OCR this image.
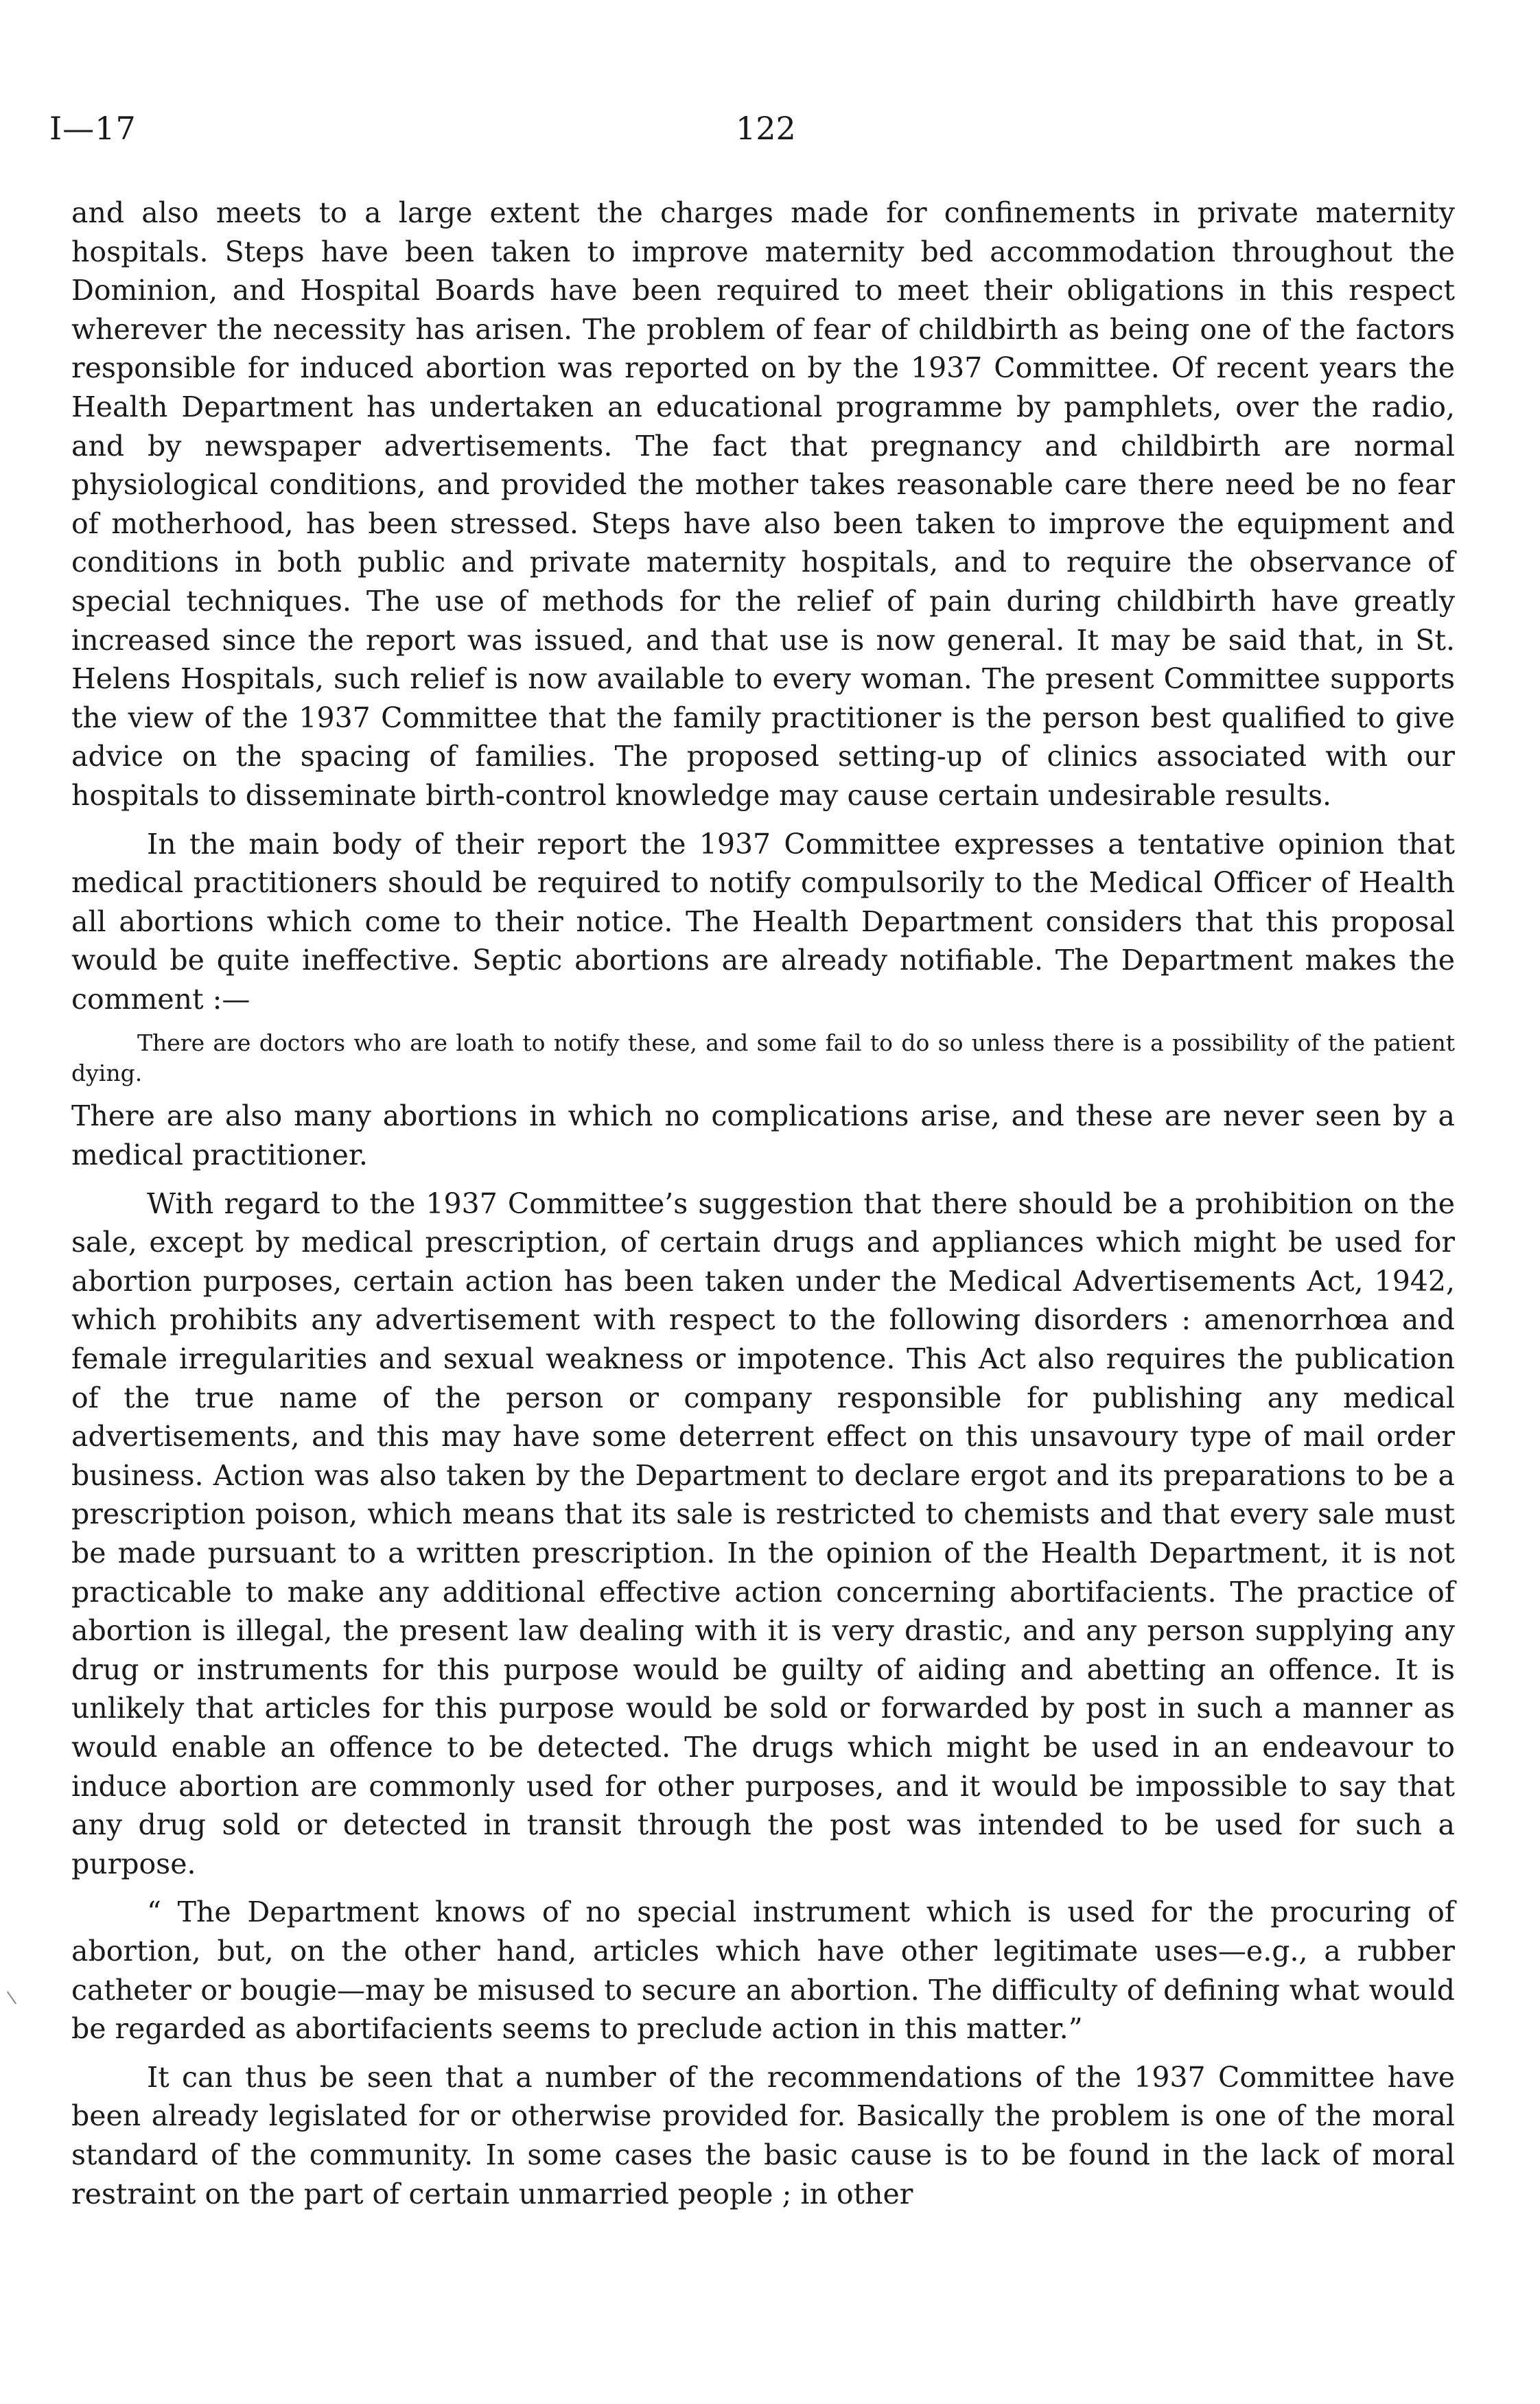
I—17	122

and also meets to a large extent the charges made for confinements in private maternity hospitals. Steps have been taken to improve maternity bed accommodation throughout the Dominion, and Hospital Boards have been required to meet their obligations in this respect wherever the necessity has arisen. The problem of fear of childbirth as being one of the factors responsible for induced abortion was reported on by the 1937 Committee. Of recent years the Health Department has undertaken an educational programme by pamphlets, over the radio, and by newspaper advertisements. The fact that pregnancy and childbirth are normal physiological conditions, and provided the mother takes reasonable care there need be no fear of motherhood, has been stressed. Steps have also been taken to improve the equipment and conditions in both public and private maternity hospitals, and to require the observance of special techniques. The use of methods for the relief of pain during childbirth have greatly increased since the report was issued, and that use is now general. It may be said that, in St. Helens Hospitals, such relief is now available to every woman. The present Committee supports the view of the 1937 Committee that the family practitioner is the person best qualified to give advice on the spacing of families. The proposed setting-up of clinics associated with our hospitals to disseminate birth-control knowledge may cause certain undesirable results.

In the main body of their report the 1937 Committee expresses a tentative opinion that medical practitioners should be required to notify compulsorily to the Medical Officer of Health all abortions which come to their notice. The Health Department considers that this proposal would be quite ineffective. Septic abortions are already notifiable. The Department makes the comment :—

There are doctors who are loath to notify these, and some fail to do so unless there is a possibility of the patient dying.

There are also many abortions in which no complications arise, and these are never seen by a medical practitioner.

With regard to the 1937 Committee’s suggestion that there should be a prohibition on the sale, except by medical prescription, of certain drugs and appliances which might be used for abortion purposes, certain action has been taken under the Medical Advertisements Act, 1942, which prohibits any advertisement with respect to the following disorders : amenorrhœa and female irregularities and sexual weakness or impotence. This Act also requires the publication of the true name of the person or company responsible for publishing any medical advertisements, and this may have some deterrent effect on this unsavoury type of mail order business. Action was also taken by the Department to declare ergot and its preparations to be a prescription poison, which means that its sale is restricted to chemists and that every sale must be made pursuant to a written prescription. In the opinion of the Health Department, it is not practicable to make any additional effective action concerning abortifacients. The practice of abortion is illegal, the present law dealing with it is very drastic, and any person supplying any drug or instruments for this purpose would be guilty of aiding and abetting an offence. It is unlikely that articles for this purpose would be sold or forwarded by post in such a manner as would enable an offence to be detected. The drugs which might be used in an endeavour to induce abortion are commonly used for other purposes, and it would be impossible to say that any drug sold or detected in transit through the post was intended to be used for such a purpose.

“ The Department knows of no special instrument which is used for the procuring of abortion, but, on the other hand, articles which have other legitimate uses—e.g., a rubber catheter or bougie—may be misused to secure an abortion. The difficulty of defining what would be regarded as abortifacients seems to preclude action in this matter.”

It can thus be seen that a number of the recommendations of the 1937 Committee have been already legislated for or otherwise provided for. Basically the problem is one of the moral standard of the community. In some cases the basic cause is to be found in the lack of moral restraint on the part of certain unmarried people ; in other
